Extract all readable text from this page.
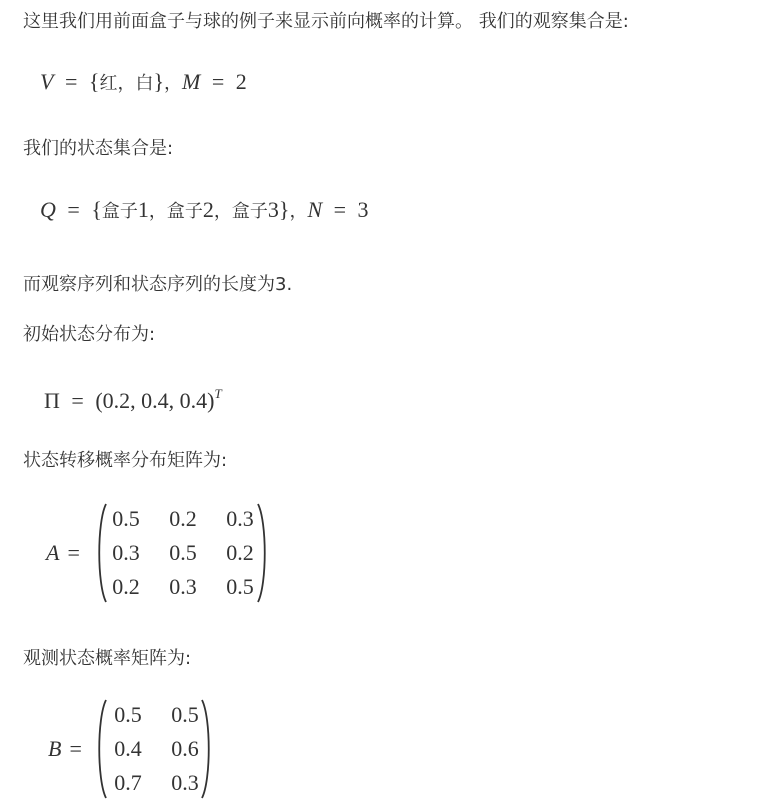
这里我们用前面盒子与球的例子来显示前向概率的计算。 我们的观察集合是:
V = {红，白}，M = 2
我们的状态集合是:
Q = {盒子1，盒子2，盒子3}，N = 3
而观察序列和状态序列的长度为3.
初始状态分布为:
Π = (0.2, 0.4, 0.4)$^T$
状态转移概率分布矩阵为:
A =
0.5	0.2	0.3
0.3	0.5	0.2
0.2	0.3	0.5
观测状态概率矩阵为:
B =
0.5	0.5
0.4	0.6
0.7	0.3
